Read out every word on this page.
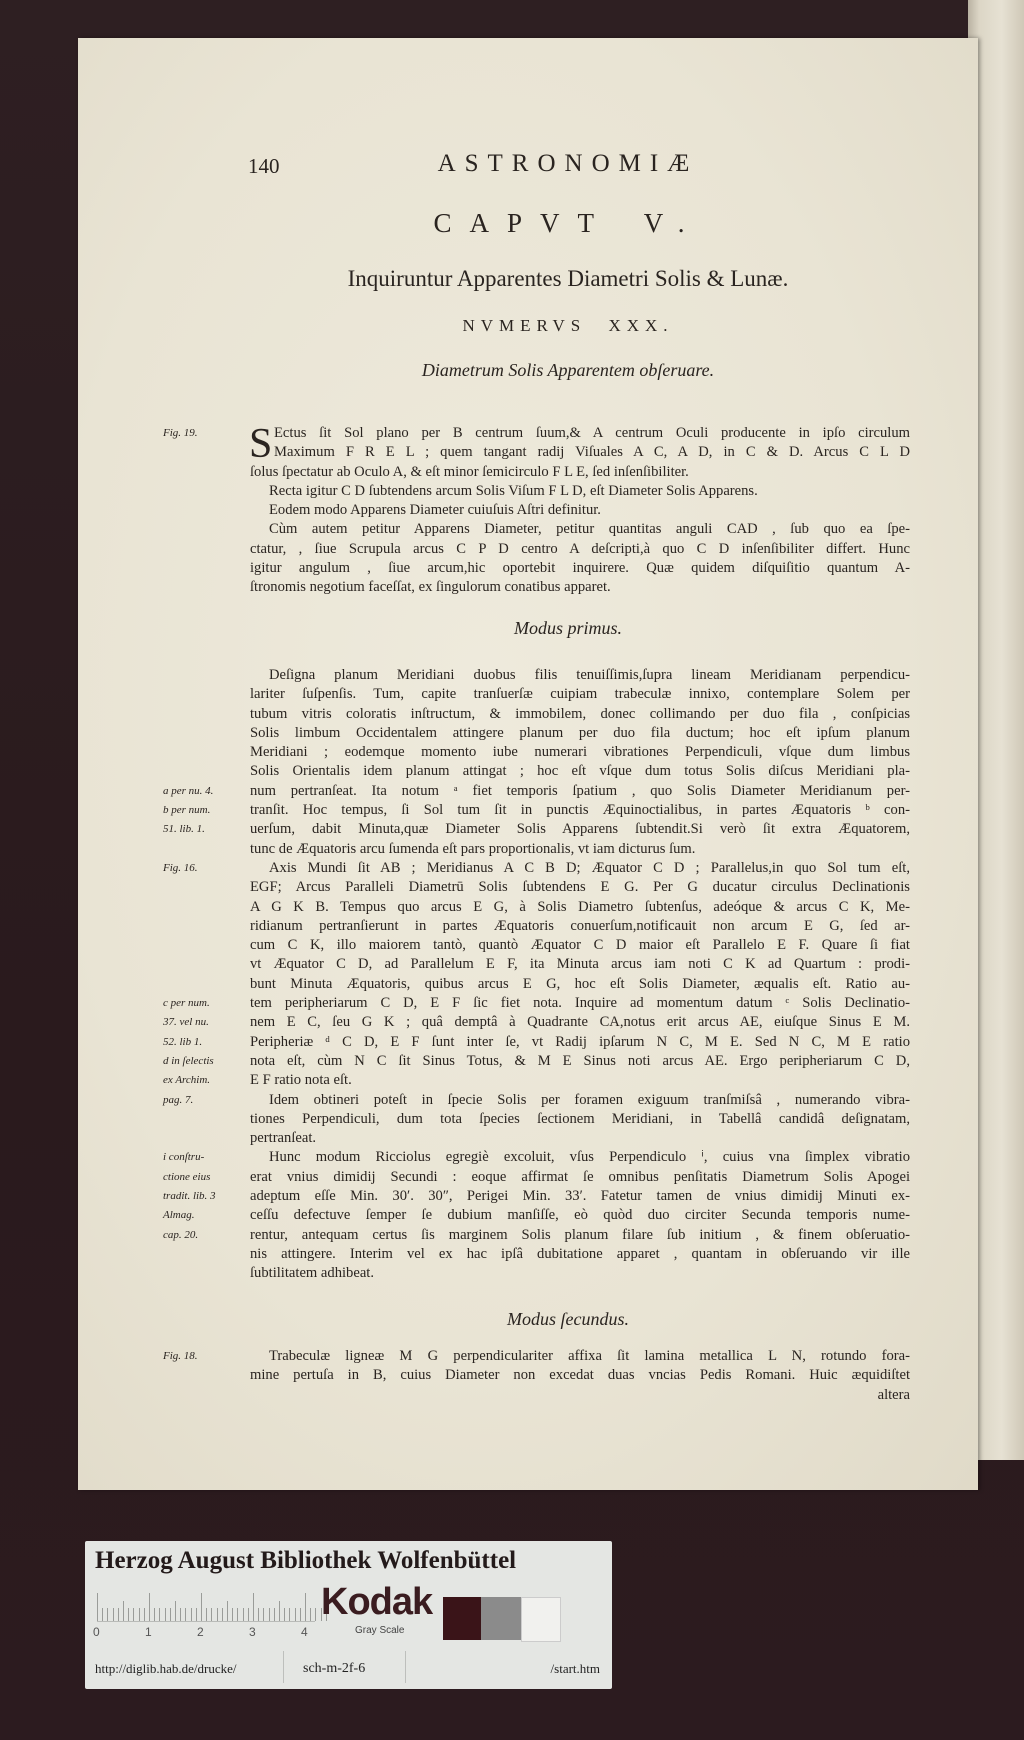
140	ASTRONOMIÆ
CAPVT V.
Inquiruntur Apparentes Diametri Solis & Lunæ.
NVMERVS XXX.
Diametrum Solis Apparentem obſeruare.
S Ectus ſit Sol plano per B centrum ſuum,& A centrum Oculi producente in ipſo circulum
Fig. 19.
Maximum F R E L ; quem tangant radij Viſuales A C, A D, in C & D. Arcus C L D
ſolus ſpectatur ab Oculo A, & eſt minor ſemicirculo F L E, ſed inſenſibiliter.
Recta igitur C D ſubtendens arcum Solis Viſum F L D, eſt Diameter Solis Apparens.
Eodem modo Apparens Diameter cuiuſuis Aſtri definitur.
Cùm autem petitur Apparens Diameter, petitur quantitas anguli CAD , ſub quo ea ſpe-
ctatur, , ſiue Scrupula arcus C P D centro A deſcripti,à quo C D inſenſibiliter differt. Hunc
igitur angulum , ſiue arcum,hic oportebit inquirere. Quæ quidem diſquiſitio quantum A-
ſtronomis negotium faceſſat, ex ſingulorum conatibus apparet.
Modus primus.
Deſigna planum Meridiani duobus filis tenuiſſimis,ſupra lineam Meridianam perpendicu-
lariter ſuſpenſis. Tum, capite tranſuerſæ cuipiam trabeculæ innixo, contemplare Solem per
tubum vitris coloratis inſtructum, & immobilem, donec collimando per duo fila , conſpicias
Solis limbum Occidentalem attingere planum per duo fila ductum; hoc eſt ipſum planum
Meridiani ; eodemque momento iube numerari vibrationes Perpendiculi, vſque dum limbus
Solis Orientalis idem planum attingat ; hoc eſt vſque dum totus Solis diſcus Meridiani pla-
num pertranſeat. Ita notum ᵃ fiet temporis ſpatium , quo Solis Diameter Meridianum per-
a per nu. 4.
tranſit. Hoc tempus, ſi Sol tum ſit in punctis Æquinoctialibus, in partes Æquatoris ᵇ con-
b per num.
uerſum, dabit Minuta,quæ Diameter Solis Apparens ſubtendit.Si verò ſit extra Æquatorem,
51. lib. 1.
tunc de Æquatoris arcu ſumenda eſt pars proportionalis, vt iam dicturus ſum.
Axis Mundi ſit AB ; Meridianus A C B D; Æquator C D ; Parallelus,in quo Sol tum eſt,
Fig. 16.
EGF; Arcus Paralleli Diametrū Solis ſubtendens E G. Per G ducatur circulus Declinationis
A G K B. Tempus quo arcus E G, à Solis Diametro ſubtenſus, adeóque & arcus C K, Me-
ridianum pertranſierunt in partes Æquatoris conuerſum,notificauit non arcum E G, ſed ar-
cum C K, illo maiorem tantò, quantò Æquator C D maior eſt Parallelo E F. Quare ſi fiat
vt Æquator C D, ad Parallelum E F, ita Minuta arcus iam noti C K ad Quartum : prodi-
bunt Minuta Æquatoris, quibus arcus E G, hoc eſt Solis Diameter, æqualis eſt. Ratio au-
tem peripheriarum C D, E F ſic fiet nota. Inquire ad momentum datum ᶜ Solis Declinatio-
c per num.
nem E C, ſeu G K ; quâ demptâ à Quadrante CA,notus erit arcus AE, eiuſque Sinus E M.
37. vel nu.
Peripheriæ ᵈ C D, E F ſunt inter ſe, vt Radij ipſarum N C, M E. Sed N C, M E ratio
52. lib 1.
nota eſt, cùm N C ſit Sinus Totus, & M E Sinus noti arcus AE. Ergo peripheriarum C D,
d in ſelectis
E F ratio nota eſt.
ex Archim.
Idem obtineri poteſt in ſpecie Solis per foramen exiguum tranſmiſsâ , numerando vibra-
pag. 7.
tiones Perpendiculi, dum tota ſpecies ſectionem Meridiani, in Tabellâ candidâ deſignatam,
pertranſeat.
Hunc modum Ricciolus egregiè excoluit, vſus Perpendiculo ⁱ, cuius vna ſimplex vibratio
i conſtru-
erat vnius dimidij Secundi : eoque affirmat ſe omnibus penſitatis Diametrum Solis Apogei
ctione eius
adeptum eſſe Min. 30′. 30″, Perigei Min. 33′. Fatetur tamen de vnius dimidij Minuti ex-
tradit. lib. 3
ceſſu defectuve ſemper ſe dubium manſiſſe, eò quòd duo circiter Secunda temporis nume-
Almag.
rentur, antequam certus ſis marginem Solis planum filare ſub initium , & finem obſeruatio-
cap. 20.
nis attingere. Interim vel ex hac ipſâ dubitatione apparet , quantam in obſeruando vir ille
ſubtilitatem adhibeat.
Modus ſecundus.
Trabeculæ ligneæ M G perpendiculariter affixa ſit lamina metallica L N, rotundo fora-
Fig. 18.
mine pertuſa in B, cuius Diameter non excedat duas vncias Pedis Romani. Huic æquidiſtet
altera
Herzog August Bibliothek Wolfenbüttel
0	1	2	3	4
Kodak
Gray Scale
http://diglib.hab.de/drucke/	sch-m-2f-6	/start.htm
